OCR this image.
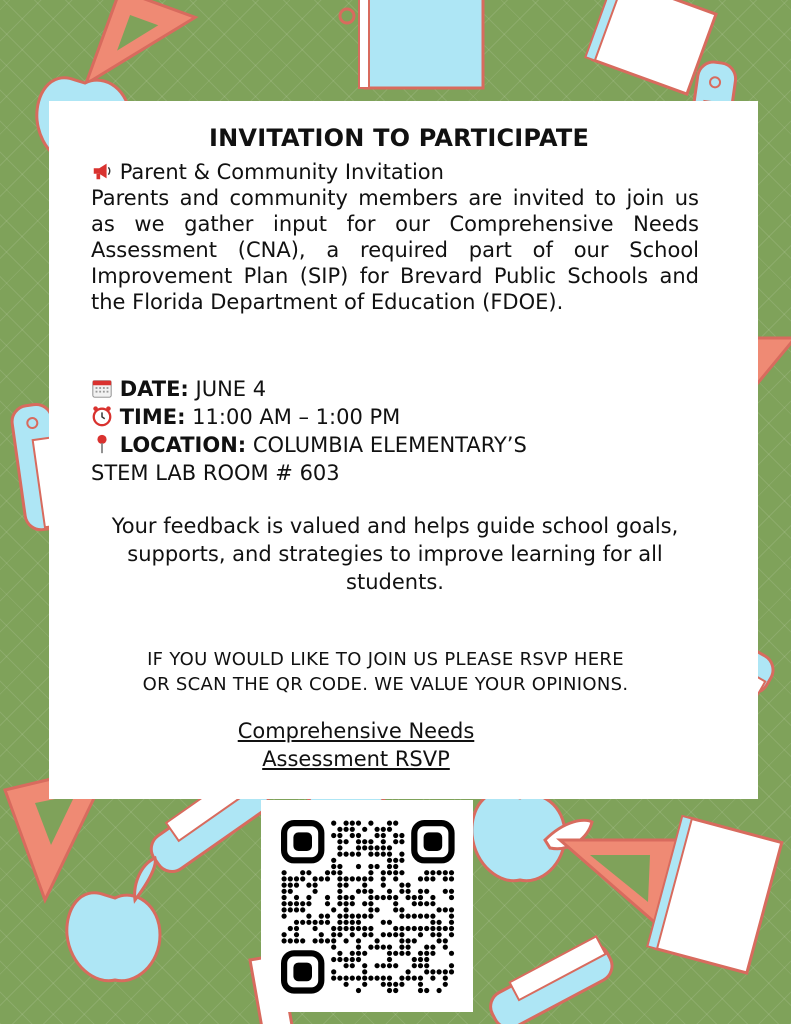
INVITATION TO PARTICIPATE
Parent & Community Invitation
Parents and community members are invited to join us as we gather input for our Comprehensive Needs Assessment (CNA), a required part of our School Improvement Plan (SIP) for Brevard Public Schools and the Florida Department of Education (FDOE).
DATE: JUNE 4
TIME: 11:00 AM – 1:00 PM
LOCATION: COLUMBIA ELEMENTARY’S
STEM LAB ROOM # 603
Your feedback is valued and helps guide school goals, supports, and strategies to improve learning for all students.
IF YOU WOULD LIKE TO JOIN US PLEASE RSVP HERE
OR SCAN THE QR CODE. WE VALUE YOUR OPINIONS.
Comprehensive Needs Assessment RSVP
